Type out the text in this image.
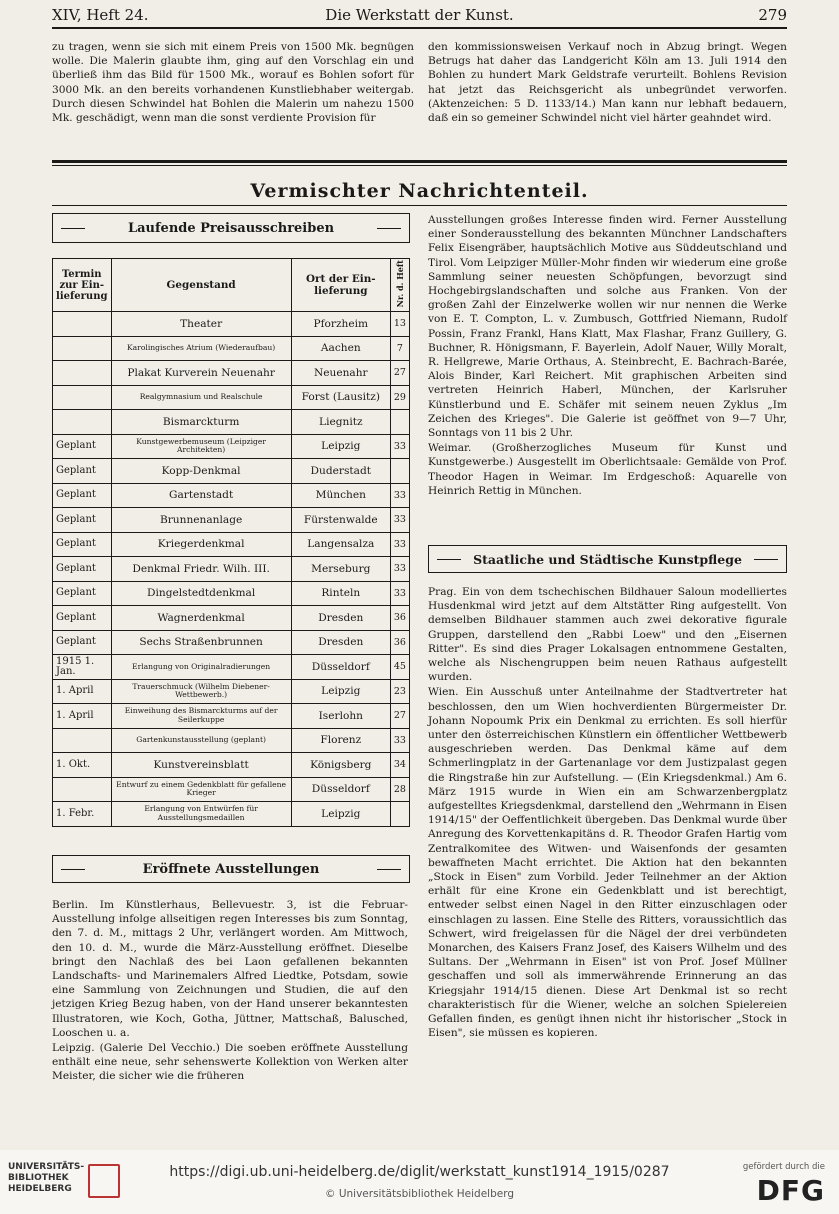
XIV, Heft 24.	Die Werkstatt der Kunst.	279
zu tragen, wenn sie sich mit einem Preis von 1500 Mk. begnügen wolle. Die Malerin glaubte ihm, ging auf den Vorschlag ein und überließ ihm das Bild für 1500 Mk., worauf es Bohlen sofort für 3000 Mk. an den bereits vorhandenen Kunstliebhaber weitergab. Durch diesen Schwindel hat Bohlen die Malerin um nahezu 1500 Mk. geschädigt, wenn man die sonst verdiente Provision für
den kommissionsweisen Verkauf noch in Abzug bringt. Wegen Betrugs hat daher das Landgericht Köln am 13. Juli 1914 den Bohlen zu hundert Mark Geldstrafe verurteilt. Bohlens Revision hat jetzt das Reichsgericht als unbegründet verworfen. (Aktenzeichen: 5 D. 1133/14.) Man kann nur lebhaft bedauern, daß ein so gemeiner Schwindel nicht viel härter geahndet wird.
Vermischter Nachrichtenteil.
Laufende Preisausschreiben
Termin zur Ein-lieferung	Gegenstand	Ort der Ein-lieferung	Nr. d. Heft
	Theater	Pforzheim	13
	Karolingisches Atrium (Wiederaufbau)	Aachen	7
	Plakat Kurverein Neuenahr	Neuenahr	27
	Realgymnasium und Realschule	Forst (Lausitz)	29
	Bismarckturm	Liegnitz	
Geplant	Kunstgewerbemuseum (Leipziger Architekten)	Leipzig	33
Geplant	Kopp-Denkmal	Duderstadt	
Geplant	Gartenstadt	München	33
Geplant	Brunnenanlage	Fürstenwalde	33
Geplant	Kriegerdenkmal	Langensalza	33
Geplant	Denkmal Friedr. Wilh. III.	Merseburg	33
Geplant	Dingelstedtdenkmal	Rinteln	33
Geplant	Wagnerdenkmal	Dresden	36
Geplant	Sechs Straßenbrunnen	Dresden	36
1915 1. Jan.	Erlangung von Originalradierungen	Düsseldorf	45
1. April	Trauerschmuck (Wilhelm Diebener-Wettbewerb.)	Leipzig	23
1. April	Einweihung des Bismarckturms auf der Seilerkuppe	Iserlohn	27
	Gartenkunstausstellung (geplant)	Florenz	33
1. Okt.	Kunstvereinsblatt	Königsberg	34
	Entwurf zu einem Gedenkblatt für gefallene Krieger	Düsseldorf	28
1. Febr.	Erlangung von Entwürfen für Ausstellungsmedaillen	Leipzig	
Eröffnete Ausstellungen

Berlin. Im Künstlerhaus, Bellevuestr. 3, ist die Februar-Ausstellung infolge allseitigen regen Interesses bis zum Sonntag, den 7. d. M., mittags 2 Uhr, verlängert worden. Am Mittwoch, den 10. d. M., wurde die März-Ausstellung eröffnet. Dieselbe bringt den Nachlaß des bei Laon gefallenen bekannten Landschafts- und Marinemalers Alfred Liedtke, Potsdam, sowie eine Sammlung von Zeichnungen und Studien, die auf den jetzigen Krieg Bezug haben, von der Hand unserer bekanntesten Illustratoren, wie Koch, Gotha, Jüttner, Mattschaß, Balusched, Looschen u. a.

Leipzig. (Galerie Del Vecchio.) Die soeben eröffnete Ausstellung enthält eine neue, sehr sehenswerte Kollektion von Werken alter Meister, die sicher wie die früheren

Ausstellungen großes Interesse finden wird. Ferner Ausstellung einer Sonderausstellung des bekannten Münchner Landschafters Felix Eisengräber, hauptsächlich Motive aus Süddeutschland und Tirol. Vom Leipziger Müller-Mohr finden wir wiederum eine große Sammlung seiner neuesten Schöpfungen, bevorzugt sind Hochgebirgslandschaften und solche aus Franken. Von der großen Zahl der Einzelwerke wollen wir nur nennen die Werke von E. T. Compton, L. v. Zumbusch, Gottfried Niemann, Rudolf Possin, Franz Frankl, Hans Klatt, Max Flashar, Franz Guillery, G. Buchner, R. Hönigsmann, F. Bayerlein, Adolf Nauer, Willy Moralt, R. Hellgrewe, Marie Orthaus, A. Steinbrecht, E. Bachrach-Barée, Alois Binder, Karl Reichert. Mit graphischen Arbeiten sind vertreten Heinrich Haberl, München, der Karlsruher Künstlerbund und E. Schäfer mit seinem neuen Zyklus „Im Zeichen des Krieges". Die Galerie ist geöffnet von 9—7 Uhr, Sonntags von 11 bis 2 Uhr.

Weimar. (Großherzogliches Museum für Kunst und Kunstgewerbe.) Ausgestellt im Oberlichtsaale: Gemälde von Prof. Theodor Hagen in Weimar. Im Erdgeschoß: Aquarelle von Heinrich Rettig in München.

Staatliche und Städtische Kunstpflege

Prag. Ein von dem tschechischen Bildhauer Saloun modelliertes Husdenkmal wird jetzt auf dem Altstätter Ring aufgestellt. Von demselben Bildhauer stammen auch zwei dekorative figurale Gruppen, darstellend den „Rabbi Loew" und den „Eisernen Ritter". Es sind dies Prager Lokalsagen entnommene Gestalten, welche als Nischengruppen beim neuen Rathaus aufgestellt wurden.

Wien. Ein Ausschuß unter Anteilnahme der Stadtvertreter hat beschlossen, den um Wien hochverdienten Bürgermeister Dr. Johann Nopoumk Prix ein Denkmal zu errichten. Es soll hierfür unter den österreichischen Künstlern ein öffentlicher Wettbewerb ausgeschrieben werden. Das Denkmal käme auf dem Schmerlingplatz in der Gartenanlage vor dem Justizpalast gegen die Ringstraße hin zur Aufstellung. — (Ein Kriegsdenkmal.) Am 6. März 1915 wurde in Wien ein am Schwarzenbergplatz aufgestelltes Kriegsdenkmal, darstellend den „Wehrmann in Eisen 1914/15" der Oeffentlichkeit übergeben. Das Denkmal wurde über Anregung des Korvettenkapitäns d. R. Theodor Grafen Hartig vom Zentralkomitee des Witwen- und Waisenfonds der gesamten bewaffneten Macht errichtet. Die Aktion hat den bekannten „Stock in Eisen" zum Vorbild. Jeder Teilnehmer an der Aktion erhält für eine Krone ein Gedenkblatt und ist berechtigt, entweder selbst einen Nagel in den Ritter einzuschlagen oder einschlagen zu lassen. Eine Stelle des Ritters, voraussichtlich das Schwert, wird freigelassen für die Nägel der drei verbündeten Monarchen, des Kaisers Franz Josef, des Kaisers Wilhelm und des Sultans. Der „Wehrmann in Eisen" ist von Prof. Josef Müllner geschaffen und soll als immerwährende Erinnerung an das Kriegsjahr 1914/15 dienen. Diese Art Denkmal ist so recht charakteristisch für die Wiener, welche an solchen Spielereien Gefallen finden, es genügt ihnen nicht ihr historischer „Stock in Eisen", sie müssen es kopieren.

UNIVERSITÄTS-BIBLIOTHEK HEIDELBERG
https://digi.ub.uni-heidelberg.de/diglit/werkstatt_kunst1914_1915/0287
© Universitätsbibliothek Heidelberg
gefördert durch die
DFG
